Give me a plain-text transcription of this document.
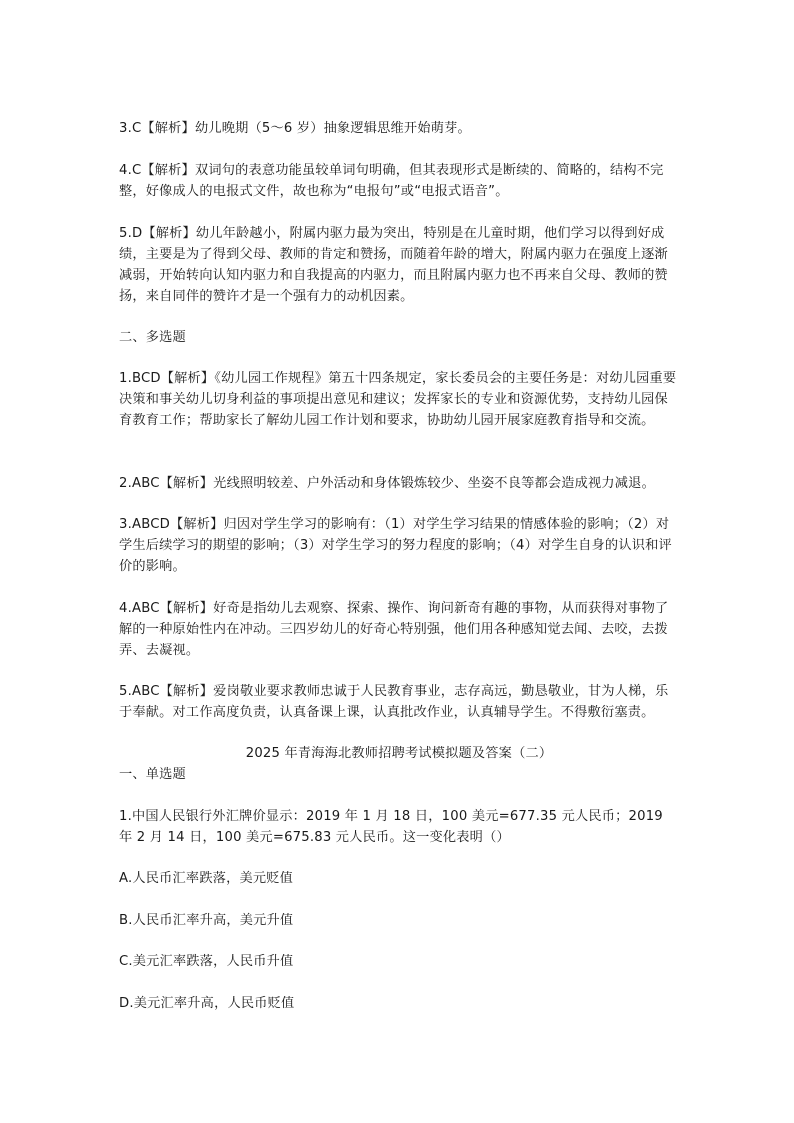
3.C【解析】幼儿晚期（5～6 岁）抽象逻辑思维开始萌芽。

4.C【解析】双词句的表意功能虽较单词句明确，但其表现形式是断续的、简略的，结构不完整，好像成人的电报式文件，故也称为“电报句”或“电报式语音”。

5.D【解析】幼儿年龄越小，附属内驱力最为突出，特别是在儿童时期，他们学习以得到好成绩，主要是为了得到父母、教师的肯定和赞扬，而随着年龄的增大，附属内驱力在强度上逐渐减弱，开始转向认知内驱力和自我提高的内驱力，而且附属内驱力也不再来自父母、教师的赞扬，来自同伴的赞许才是一个强有力的动机因素。

二、多选题

1.BCD【解析】《幼儿园工作规程》第五十四条规定，家长委员会的主要任务是：对幼儿园重要决策和事关幼儿切身利益的事项提出意见和建议；发挥家长的专业和资源优势，支持幼儿园保育教育工作；帮助家长了解幼儿园工作计划和要求，协助幼儿园开展家庭教育指导和交流。

2.ABC【解析】光线照明较差、户外活动和身体锻炼较少、坐姿不良等都会造成视力减退。

3.ABCD【解析】归因对学生学习的影响有：（1）对学生学习结果的情感体验的影响；（2）对学生后续学习的期望的影响；（3）对学生学习的努力程度的影响；（4）对学生自身的认识和评价的影响。

4.ABC【解析】好奇是指幼儿去观察、探索、操作、询问新奇有趣的事物，从而获得对事物了解的一种原始性内在冲动。三四岁幼儿的好奇心特别强，他们用各种感知觉去闻、去咬，去拨弄、去凝视。

5.ABC【解析】爱岗敬业要求教师忠诚于人民教育事业，志存高远，勤恳敬业，甘为人梯，乐于奉献。对工作高度负责，认真备课上课，认真批改作业，认真辅导学生。不得敷衍塞责。

2025 年青海海北教师招聘考试模拟题及答案（二）

一、单选题

1.中国人民银行外汇牌价显示：2019 年 1 月 18 日，100 美元=677.35 元人民币；2019 年 2 月 14 日，100 美元=675.83 元人民币。这一变化表明（）

A.人民币汇率跌落，美元贬值

B.人民币汇率升高，美元升值

C.美元汇率跌落，人民币升值

D.美元汇率升高，人民币贬值
